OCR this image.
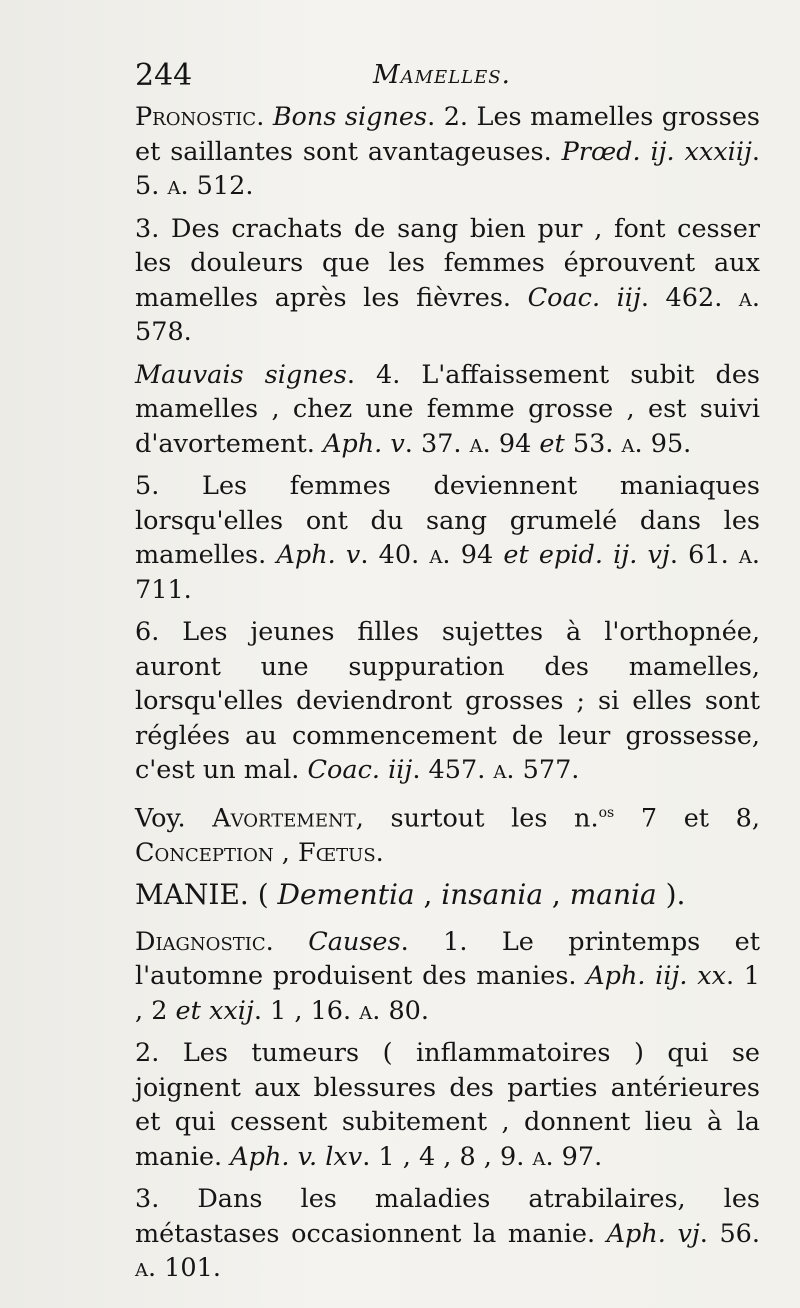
244	Mamelles.
Pronostic. Bons signes. 2. Les mamelles grosses et saillantes sont avantageuses. Prœd. ij. xxxiij. 5. a. 512.
3. Des crachats de sang bien pur , font cesser les douleurs que les femmes éprouvent aux mamelles après les fièvres. Coac. iij. 462. a. 578.
Mauvais signes. 4. L'affaissement subit des mamelles , chez une femme grosse , est suivi d'avortement. Aph. v. 37. a. 94 et 53. a. 95.
5. Les femmes deviennent maniaques lorsqu'elles ont du sang grumelé dans les mamelles. Aph. v. 40. a. 94 et epid. ij. vj. 61. a. 711.
6. Les jeunes filles sujettes à l'orthopnée, auront une suppuration des mamelles, lorsqu'elles deviendront grosses ; si elles sont réglées au commencement de leur grossesse, c'est un mal. Coac. iij. 457. a. 577.
Voy. Avortement, surtout les n.$^{os}$ 7 et 8, Conception , Fœtus.
MANIE. ( Dementia , insania , mania ).
Diagnostic. Causes. 1. Le printemps et l'automne produisent des manies. Aph. iij. xx. 1 , 2 et xxij. 1 , 16. a. 80.
2. Les tumeurs ( inflammatoires ) qui se joignent aux blessures des parties antérieures et qui cessent subitement , donnent lieu à la manie. Aph. v. lxv. 1 , 4 , 8 , 9. a. 97.
3. Dans les maladies atrabilaires, les métastases occasionnent la manie. Aph. vj. 56. a. 101.
